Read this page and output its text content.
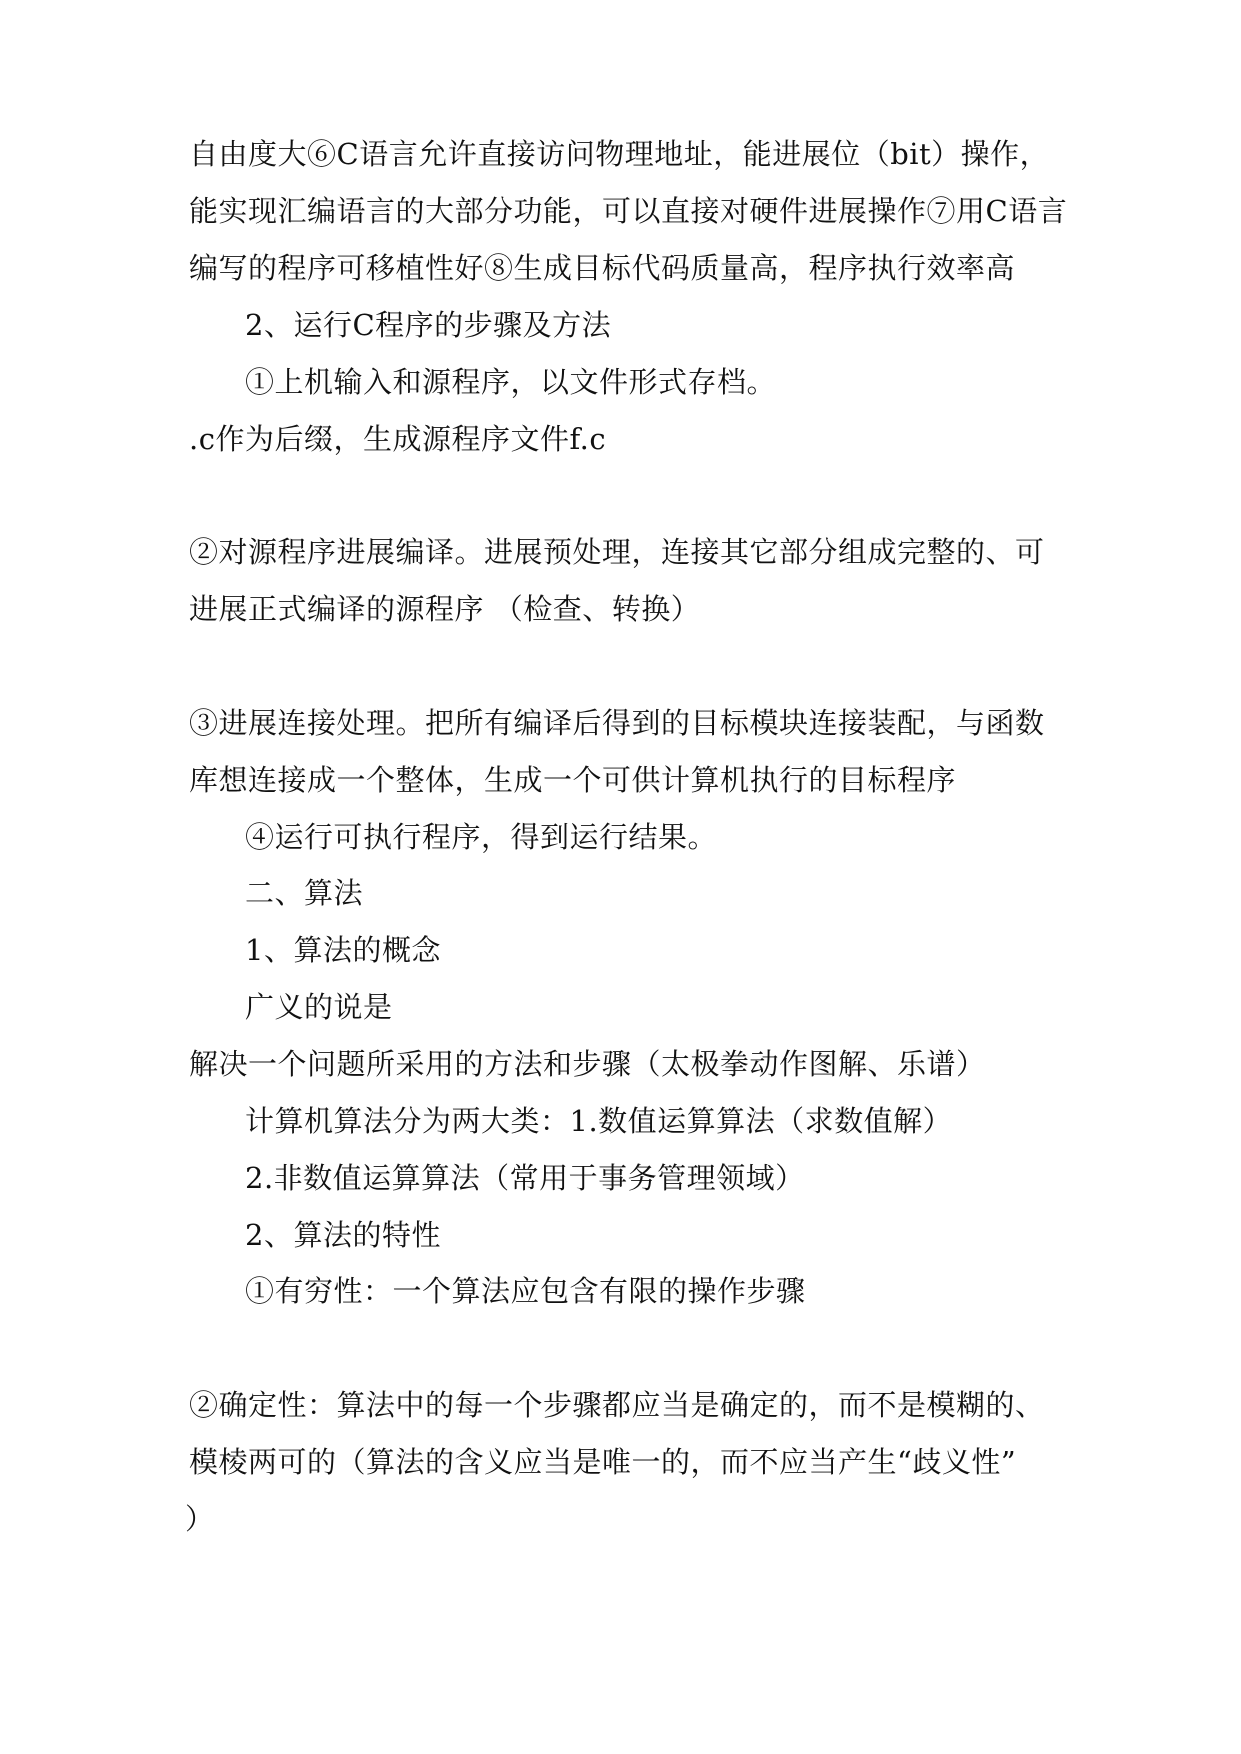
自由度大⑥C语言允许直接访问物理地址，能进展位（bit）操作，
能实现汇编语言的大部分功能，可以直接对硬件进展操作⑦用C语言
编写的程序可移植性好⑧生成目标代码质量高，程序执行效率高
2、运行C程序的步骤及方法
①上机输入和源程序，以文件形式存档。
.c作为后缀，生成源程序文件f.c
②对源程序进展编译。进展预处理，连接其它部分组成完整的、可
进展正式编译的源程序 （检查、转换）
③进展连接处理。把所有编译后得到的目标模块连接装配，与函数
库想连接成一个整体，生成一个可供计算机执行的目标程序
④运行可执行程序，得到运行结果。
二、算法
1、算法的概念
广义的说是
解决一个问题所采用的方法和步骤（太极拳动作图解、乐谱）
计算机算法分为两大类：1.数值运算算法（求数值解）
2.非数值运算算法（常用于事务管理领域）
2、算法的特性
①有穷性：一个算法应包含有限的操作步骤
②确定性：算法中的每一个步骤都应当是确定的，而不是模糊的、
模棱两可的（算法的含义应当是唯一的，而不应当产生“歧义性”
）
